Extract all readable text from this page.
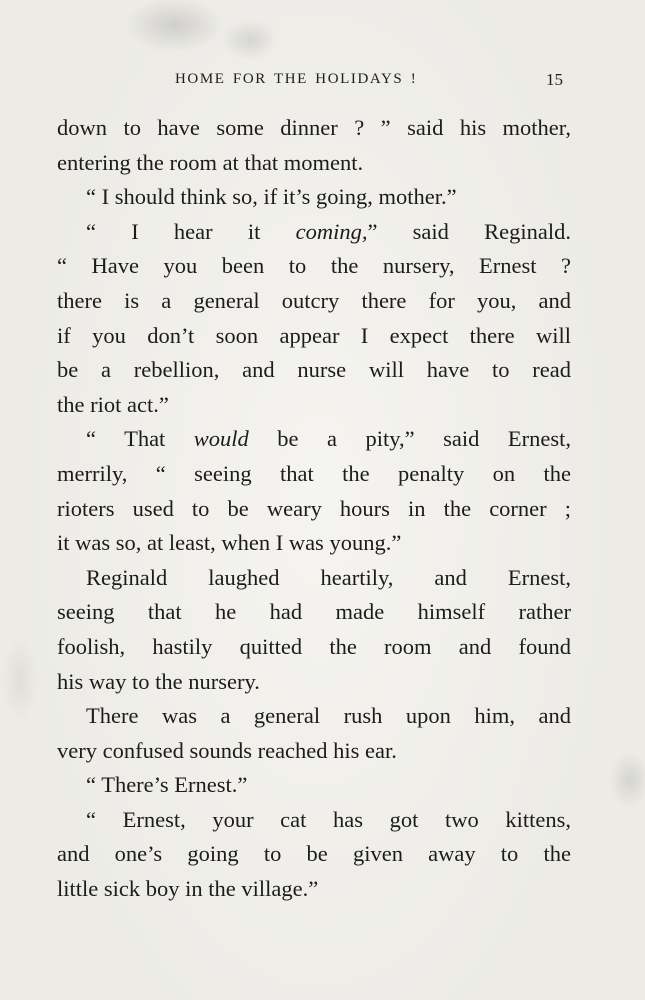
HOME FOR THE HOLIDAYS !	15
down to have some dinner ? ” said his mother,
entering the room at that moment.
“ I should think so, if it’s going, mother.”
“ I hear it coming,” said Reginald.
“ Have you been to the nursery, Ernest ?
there is a general outcry there for you, and
if you don’t soon appear I expect there will
be a rebellion, and nurse will have to read
the riot act.”
“ That would be a pity,” said Ernest,
merrily, “ seeing that the penalty on the
rioters used to be weary hours in the corner ;
it was so, at least, when I was young.”
Reginald laughed heartily, and Ernest,
seeing that he had made himself rather
foolish, hastily quitted the room and found
his way to the nursery.
There was a general rush upon him, and
very confused sounds reached his ear.
“ There’s Ernest.”
“ Ernest, your cat has got two kittens,
and one’s going to be given away to the
little sick boy in the village.”
